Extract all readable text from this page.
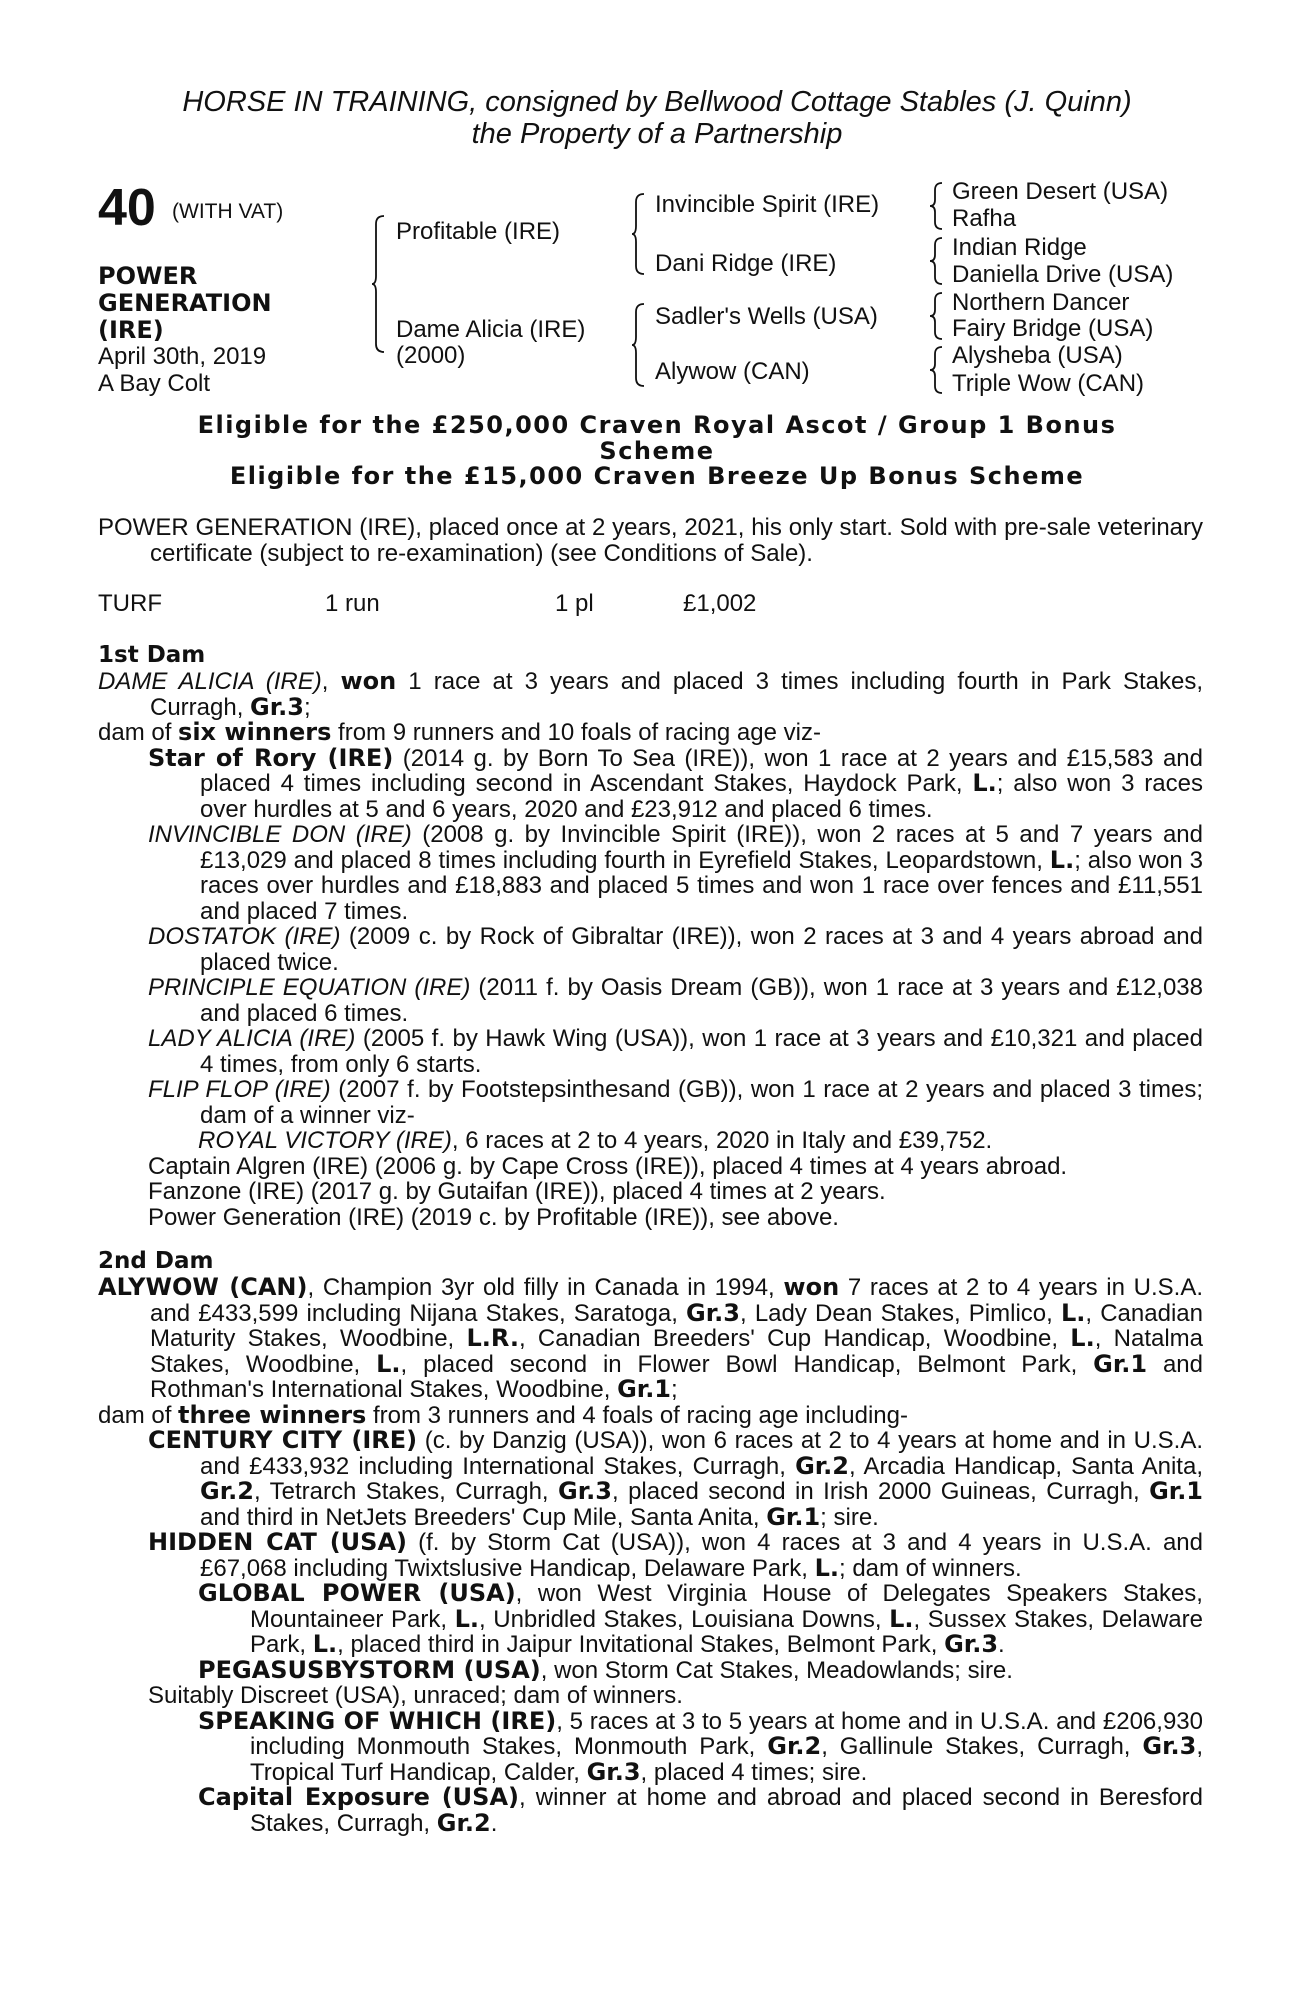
HORSE IN TRAINING, consigned by Bellwood Cottage Stables (J. Quinn)
the Property of a Partnership
40 (WITH VAT)
POWER
GENERATION
(IRE)
April 30th, 2019
A Bay Colt
Profitable (IRE)
Dame Alicia (IRE)
(2000)
Invincible Spirit (IRE)
Dani Ridge (IRE)
Sadler's Wells (USA)
Alywow (CAN)
Green Desert (USA)
Rafha
Indian Ridge
Daniella Drive (USA)
Northern Dancer
Fairy Bridge (USA)
Alysheba (USA)
Triple Wow (CAN)
Eligible for the £250,000 Craven Royal Ascot / Group 1 Bonus
Scheme
Eligible for the £15,000 Craven Breeze Up Bonus Scheme

POWER GENERATION (IRE), placed once at 2 years, 2021, his only start. Sold with pre-sale veterinary certificate (subject to re-examination) (see Conditions of Sale).

TURF	1 run	1 pl	£1,002
1st Dam

DAME ALICIA (IRE), won 1 race at 3 years and placed 3 times including fourth in Park Stakes, Curragh, Gr.3;

dam of six winners from 9 runners and 10 foals of racing age viz-

Star of Rory (IRE) (2014 g. by Born To Sea (IRE)), won 1 race at 2 years and £15,583 and placed 4 times including second in Ascendant Stakes, Haydock Park, L.; also won 3 races over hurdles at 5 and 6 years, 2020 and £23,912 and placed 6 times.

INVINCIBLE DON (IRE) (2008 g. by Invincible Spirit (IRE)), won 2 races at 5 and 7 years and £13,029 and placed 8 times including fourth in Eyrefield Stakes, Leopardstown, L.; also won 3 races over hurdles and £18,883 and placed 5 times and won 1 race over fences and £11,551 and placed 7 times.

DOSTATOK (IRE) (2009 c. by Rock of Gibraltar (IRE)), won 2 races at 3 and 4 years abroad and placed twice.

PRINCIPLE EQUATION (IRE) (2011 f. by Oasis Dream (GB)), won 1 race at 3 years and £12,038 and placed 6 times.

LADY ALICIA (IRE) (2005 f. by Hawk Wing (USA)), won 1 race at 3 years and £10,321 and placed 4 times, from only 6 starts.

FLIP FLOP (IRE) (2007 f. by Footstepsinthesand (GB)), won 1 race at 2 years and placed 3 times; dam of a winner viz-

ROYAL VICTORY (IRE), 6 races at 2 to 4 years, 2020 in Italy and £39,752.

Captain Algren (IRE) (2006 g. by Cape Cross (IRE)), placed 4 times at 4 years abroad.

Fanzone (IRE) (2017 g. by Gutaifan (IRE)), placed 4 times at 2 years.

Power Generation (IRE) (2019 c. by Profitable (IRE)), see above.

2nd Dam

ALYWOW (CAN), Champion 3yr old filly in Canada in 1994, won 7 races at 2 to 4 years in U.S.A. and £433,599 including Nijana Stakes, Saratoga, Gr.3, Lady Dean Stakes, Pimlico, L., Canadian Maturity Stakes, Woodbine, L.R., Canadian Breeders' Cup Handicap, Woodbine, L., Natalma Stakes, Woodbine, L., placed second in Flower Bowl Handicap, Belmont Park, Gr.1 and Rothman's International Stakes, Woodbine, Gr.1;

dam of three winners from 3 runners and 4 foals of racing age including-

CENTURY CITY (IRE) (c. by Danzig (USA)), won 6 races at 2 to 4 years at home and in U.S.A. and £433,932 including International Stakes, Curragh, Gr.2, Arcadia Handicap, Santa Anita, Gr.2, Tetrarch Stakes, Curragh, Gr.3, placed second in Irish 2000 Guineas, Curragh, Gr.1 and third in NetJets Breeders' Cup Mile, Santa Anita, Gr.1; sire.

HIDDEN CAT (USA) (f. by Storm Cat (USA)), won 4 races at 3 and 4 years in U.S.A. and £67,068 including Twixtslusive Handicap, Delaware Park, L.; dam of winners.

GLOBAL POWER (USA), won West Virginia House of Delegates Speakers Stakes, Mountaineer Park, L., Unbridled Stakes, Louisiana Downs, L., Sussex Stakes, Delaware Park, L., placed third in Jaipur Invitational Stakes, Belmont Park, Gr.3.

PEGASUSBYSTORM (USA), won Storm Cat Stakes, Meadowlands; sire.

Suitably Discreet (USA), unraced; dam of winners.

SPEAKING OF WHICH (IRE), 5 races at 3 to 5 years at home and in U.S.A. and £206,930 including Monmouth Stakes, Monmouth Park, Gr.2, Gallinule Stakes, Curragh, Gr.3, Tropical Turf Handicap, Calder, Gr.3, placed 4 times; sire.

Capital Exposure (USA), winner at home and abroad and placed second in Beresford Stakes, Curragh, Gr.2.
